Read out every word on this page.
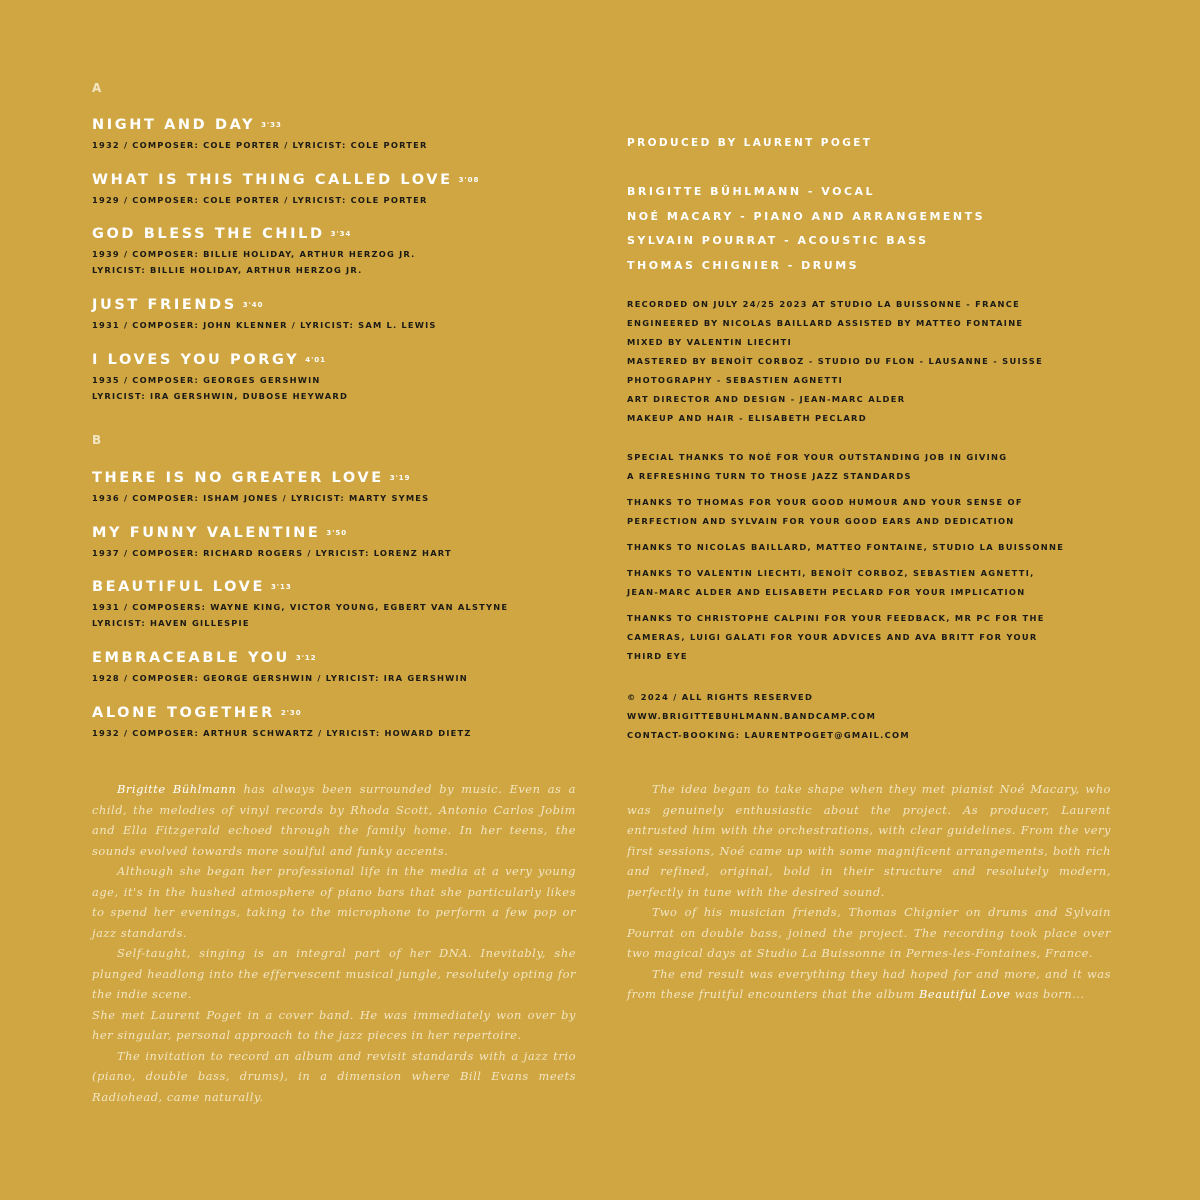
A
B
NIGHT AND DAY 3'33
1932 / COMPOSER: COLE PORTER / LYRICIST: COLE PORTER
WHAT IS THIS THING CALLED LOVE 3'08
1929 / COMPOSER: COLE PORTER / LYRICIST: COLE PORTER
GOD BLESS THE CHILD 3'34
1939 / COMPOSER: BILLIE HOLIDAY, ARTHUR HERZOG JR.
LYRICIST: BILLIE HOLIDAY, ARTHUR HERZOG JR.
JUST FRIENDS 3'40
1931 / COMPOSER: JOHN KLENNER / LYRICIST: SAM L. LEWIS
I LOVES YOU PORGY 4'01
1935 / COMPOSER: GEORGES GERSHWIN
LYRICIST: IRA GERSHWIN, DUBOSE HEYWARD
THERE IS NO GREATER LOVE 3'19
1936 / COMPOSER: ISHAM JONES / LYRICIST: MARTY SYMES
MY FUNNY VALENTINE 3'50
1937 / COMPOSER: RICHARD ROGERS / LYRICIST: LORENZ HART
BEAUTIFUL LOVE 3'13
1931 / COMPOSERS: WAYNE KING, VICTOR YOUNG, EGBERT VAN ALSTYNE
LYRICIST: HAVEN GILLESPIE
EMBRACEABLE YOU 3'12
1928 / COMPOSER: GEORGE GERSHWIN / LYRICIST: IRA GERSHWIN
ALONE TOGETHER 2'30
1932 / COMPOSER: ARTHUR SCHWARTZ / LYRICIST: HOWARD DIETZ
PRODUCED BY LAURENT POGET
BRIGITTE BÜHLMANN - VOCAL
NOÉ MACARY - PIANO AND ARRANGEMENTS
SYLVAIN POURRAT - ACOUSTIC BASS
THOMAS CHIGNIER - DRUMS
RECORDED ON JULY 24/25 2023 AT STUDIO LA BUISSONNE - FRANCE
ENGINEERED BY NICOLAS BAILLARD ASSISTED BY MATTEO FONTAINE
MIXED BY VALENTIN LIECHTI
MASTERED BY BENOÎT CORBOZ - STUDIO DU FLON - LAUSANNE - SUISSE
PHOTOGRAPHY - SEBASTIEN AGNETTI
ART DIRECTOR AND DESIGN - JEAN-MARC ALDER
MAKEUP AND HAIR - ELISABETH PECLARD
SPECIAL THANKS TO NOÉ FOR YOUR OUTSTANDING JOB IN GIVING
A REFRESHING TURN TO THOSE JAZZ STANDARDS
THANKS TO THOMAS FOR YOUR GOOD HUMOUR AND YOUR SENSE OF
PERFECTION AND SYLVAIN FOR YOUR GOOD EARS AND DEDICATION
THANKS TO NICOLAS BAILLARD, MATTEO FONTAINE, STUDIO LA BUISSONNE
THANKS TO VALENTIN LIECHTI, BENOÎT CORBOZ, SEBASTIEN AGNETTI,
JEAN-MARC ALDER AND ELISABETH PECLARD FOR YOUR IMPLICATION
THANKS TO CHRISTOPHE CALPINI FOR YOUR FEEDBACK, MR PC FOR THE
CAMERAS, LUIGI GALATI FOR YOUR ADVICES AND AVA BRITT FOR YOUR
THIRD EYE
© 2024 / ALL RIGHTS RESERVED
WWW.BRIGITTEBUHLMANN.BANDCAMP.COM
CONTACT-BOOKING: LAURENTPOGET@GMAIL.COM

Brigitte Bühlmann has always been surrounded by music. Even as a child, the melodies of vinyl records by Rhoda Scott, Antonio Carlos Jobim and Ella Fitzgerald echoed through the family home. In her teens, the sounds evolved towards more soulful and funky accents.

Although she began her professional life in the media at a very young age, it's in the hushed atmosphere of piano bars that she particularly likes to spend her evenings, taking to the microphone to perform a few pop or jazz standards.

Self-taught, singing is an integral part of her DNA. Inevitably, she plunged headlong into the effervescent musical jungle, resolutely opting for the indie scene.

She met Laurent Poget in a cover band. He was immediately won over by her singular, personal approach to the jazz pieces in her repertoire.

The invitation to record an album and revisit standards with a jazz trio (piano, double bass, drums), in a dimension where Bill Evans meets Radiohead, came naturally.

The idea began to take shape when they met pianist Noé Macary, who was genuinely enthusiastic about the project. As producer, Laurent entrusted him with the orchestrations, with clear guidelines. From the very first sessions, Noé came up with some magnificent arrangements, both rich and refined, original, bold in their structure and resolutely modern, perfectly in tune with the desired sound.

Two of his musician friends, Thomas Chignier on drums and Sylvain Pourrat on double bass, joined the project. The recording took place over two magical days at Studio La Buissonne in Pernes-les-Fontaines, France.

The end result was everything they had hoped for and more, and it was from these fruitful encounters that the album Beautiful Love was born...
